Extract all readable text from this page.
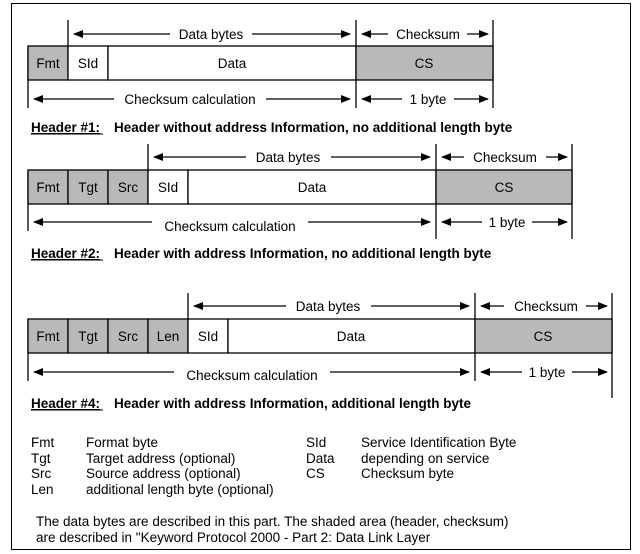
Fmt SId	Data	CS
Data bytes	Checksum
Checksum calculation	1 byte
Header #1: Header without address Information, no additional length byte
Fmt Tgt Src SId	Data	CS
Data bytes	Checksum
Checksum calculation	1 byte
Header #2: Header with address Information, no additional length byte
Fmt Tgt Src Len SId	Data	CS
Data bytes	Checksum
Checksum calculation	1 byte
Header #4: Header with address Information, additional length byte
Fmt Format byte
Tgt	Target address (optional)
Src	Source address (optional)
Len additional length byte (optional)
SId	Service Identification Byte
Data depending on service
CS	Checksum byte
The data bytes are described in this part. The shaded area (header, checksum)
are described in "Keyword Protocol 2000 - Part 2: Data Link Layer
